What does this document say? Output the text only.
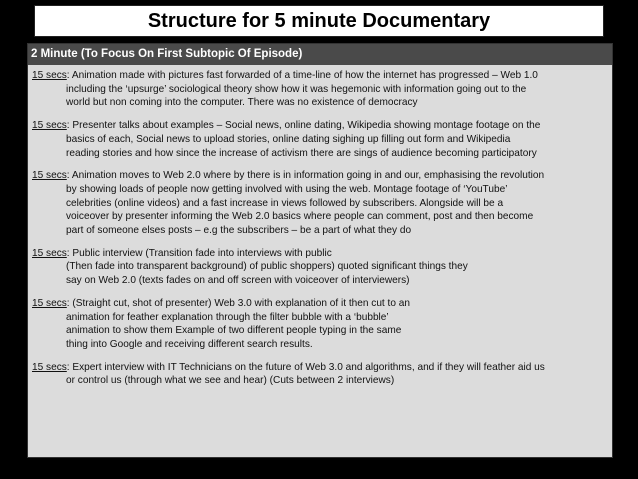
Structure for 5 minute Documentary
2 Minute (To Focus On First Subtopic Of Episode)
15 secs: Animation made with pictures fast forwarded of a time-line of how the internet has progressed – Web 1.0
including the ‘upsurge’ sociological theory show how it was hegemonic with information going out to the
world but non coming into the computer. There was no existence of democracy
15 secs: Presenter talks about examples – Social news, online dating, Wikipedia showing montage footage on the
basics of each, Social news to upload stories, online dating sighing up filling out form and Wikipedia
reading stories and how since the increase of activism there are sings of audience becoming participatory
15 secs: Animation moves to Web 2.0 where by there is in information going in and our, emphasising the revolution
by showing loads of people now getting involved with using the web. Montage footage of ‘YouTube’
celebrities (online videos) and a fast increase in views followed by subscribers. Alongside will be a
voiceover by presenter informing the Web 2.0 basics where people can comment, post and then become
part of someone elses posts – e.g the subscribers – be a part of what they do
15 secs: Public interview (Transition fade into interviews with public
(Then fade into transparent background) of public shoppers) quoted significant things they
say on Web 2.0 (texts fades on and off screen with voiceover of interviewers)
15 secs: (Straight cut, shot of presenter) Web 3.0 with explanation of it then cut to an
animation for feather explanation through the filter bubble with a ‘bubble’
animation to show them Example of two different people typing in the same
thing into Google and receiving different search results.
15 secs: Expert interview with IT Technicians on the future of Web 3.0 and algorithms, and if they will feather aid us
or control us (through what we see and hear) (Cuts between 2 interviews)
